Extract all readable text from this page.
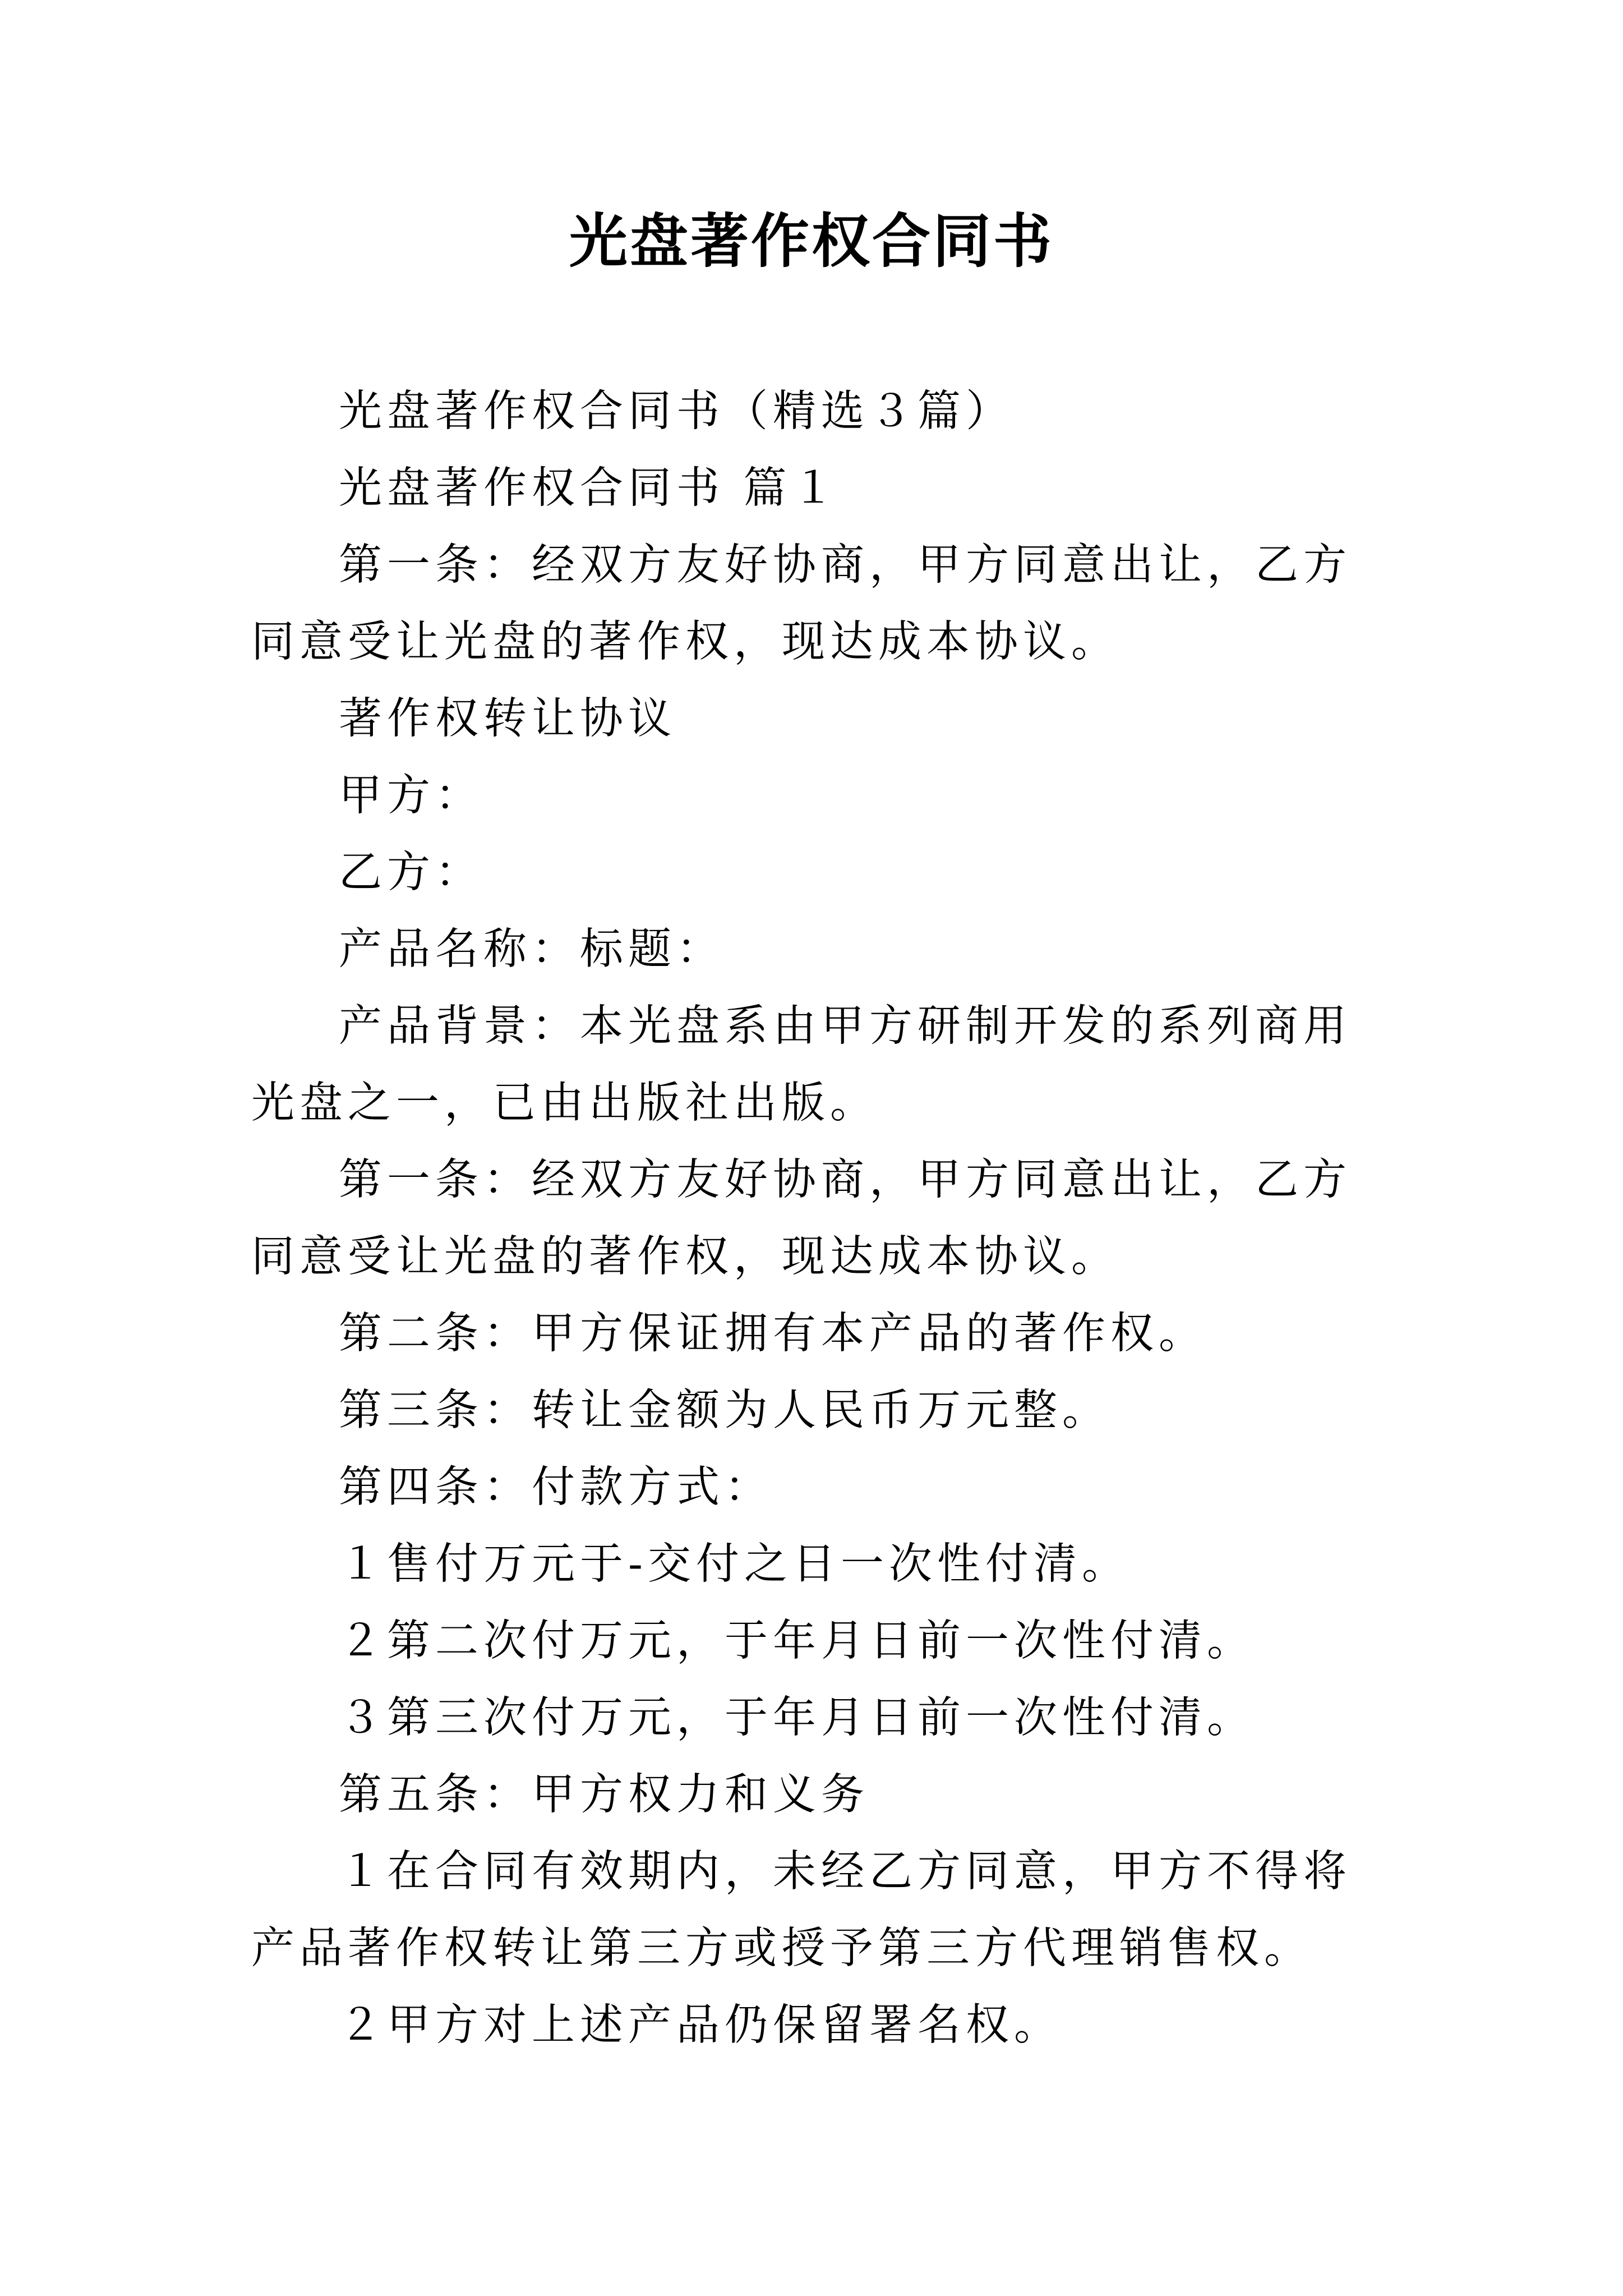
光盘著作权合同书

光盘著作权合同书（精选３篇）

光盘著作权合同书 篇１

第一条：经双方友好协商，甲方同意出让，乙方同意受让光盘的著作权，现达成本协议。

著作权转让协议

甲方：

乙方：

产品名称：标题：

产品背景：本光盘系由甲方研制开发的系列商用光盘之一，已由出版社出版。

第一条：经双方友好协商，甲方同意出让，乙方同意受让光盘的著作权，现达成本协议。

第二条：甲方保证拥有本产品的著作权。

第三条：转让金额为人民币万元整。

第四条：付款方式：

１售付万元于-交付之日一次性付清。

２第二次付万元，于年月日前一次性付清。

３第三次付万元，于年月日前一次性付清。

第五条：甲方权力和义务

１在合同有效期内，未经乙方同意，甲方不得将产品著作权转让第三方或授予第三方代理销售权。

２甲方对上述产品仍保留署名权。
